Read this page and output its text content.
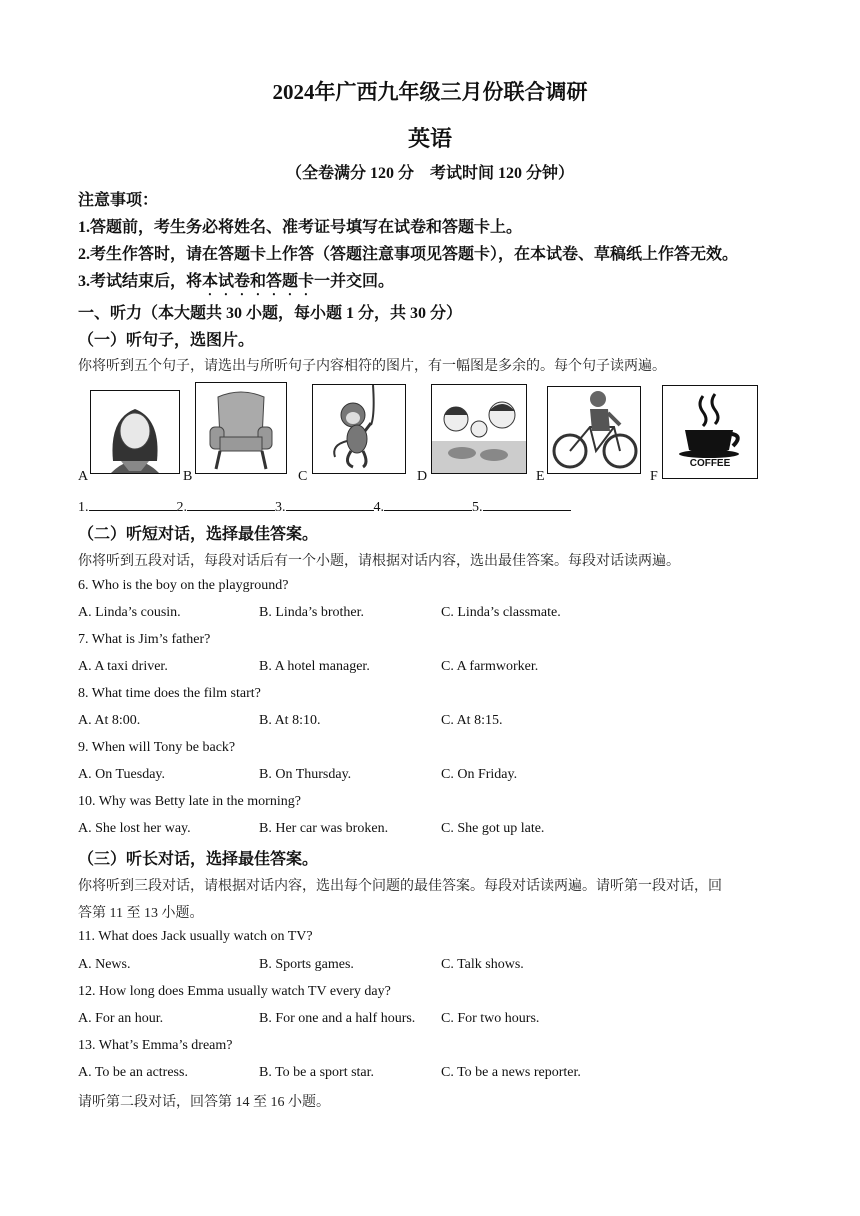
2024年广西九年级三月份联合调研
英语
（全卷满分 120 分　考试时间 120 分钟）
注意事项：
1.答题前，考生务必将姓名、准考证号填写在试卷和答题卡上。
2.考生作答时，请在答题卡上作答（答题注意事项见答题卡），在本试卷、草稿纸上作答无效。
3.考试结束后，将本试卷和答题卡一并交回。
一、听力（本大题共 30 小题，每小题 1 分，共 30 分）
（一）听句子，选图片。
你将听到五个句子，请选出与所听句子内容相符的图片，有一幅图是多余的。每个句子读两遍。
COFFEE
A	B	C	D	E	F
1.	2.	3.	4.	5.
（二）听短对话，选择最佳答案。
你将听到五段对话，每段对话后有一个小题，请根据对话内容，选出最佳答案。每段对话读两遍。
6. Who is the boy on the playground?
A. Linda’s cousin.	B. Linda’s brother.	C. Linda’s classmate.
7. What is Jim’s father?
A. A taxi driver.	B. A hotel manager.	C. A farmworker.
8. What time does the film start?
A. At 8:00.	B. At 8:10.	C. At 8:15.
9. When will Tony be back?
A. On Tuesday.	B. On Thursday.	C. On Friday.
10. Why was Betty late in the morning?
A. She lost her way.	B. Her car was broken.	C. She got up late.
（三）听长对话，选择最佳答案。
你将听到三段对话，请根据对话内容，选出每个问题的最佳答案。每段对话读两遍。请听第一段对话，回
答第 11 至 13 小题。
11. What does Jack usually watch on TV?
A. News.	B. Sports games.	C. Talk shows.
12. How long does Emma usually watch TV every day?
A. For an hour.	B. For one and a half hours. C. For two hours.
13. What’s Emma’s dream?
A. To be an actress.	B. To be a sport star.	C. To be a news reporter.
请听第二段对话，回答第 14 至 16 小题。
